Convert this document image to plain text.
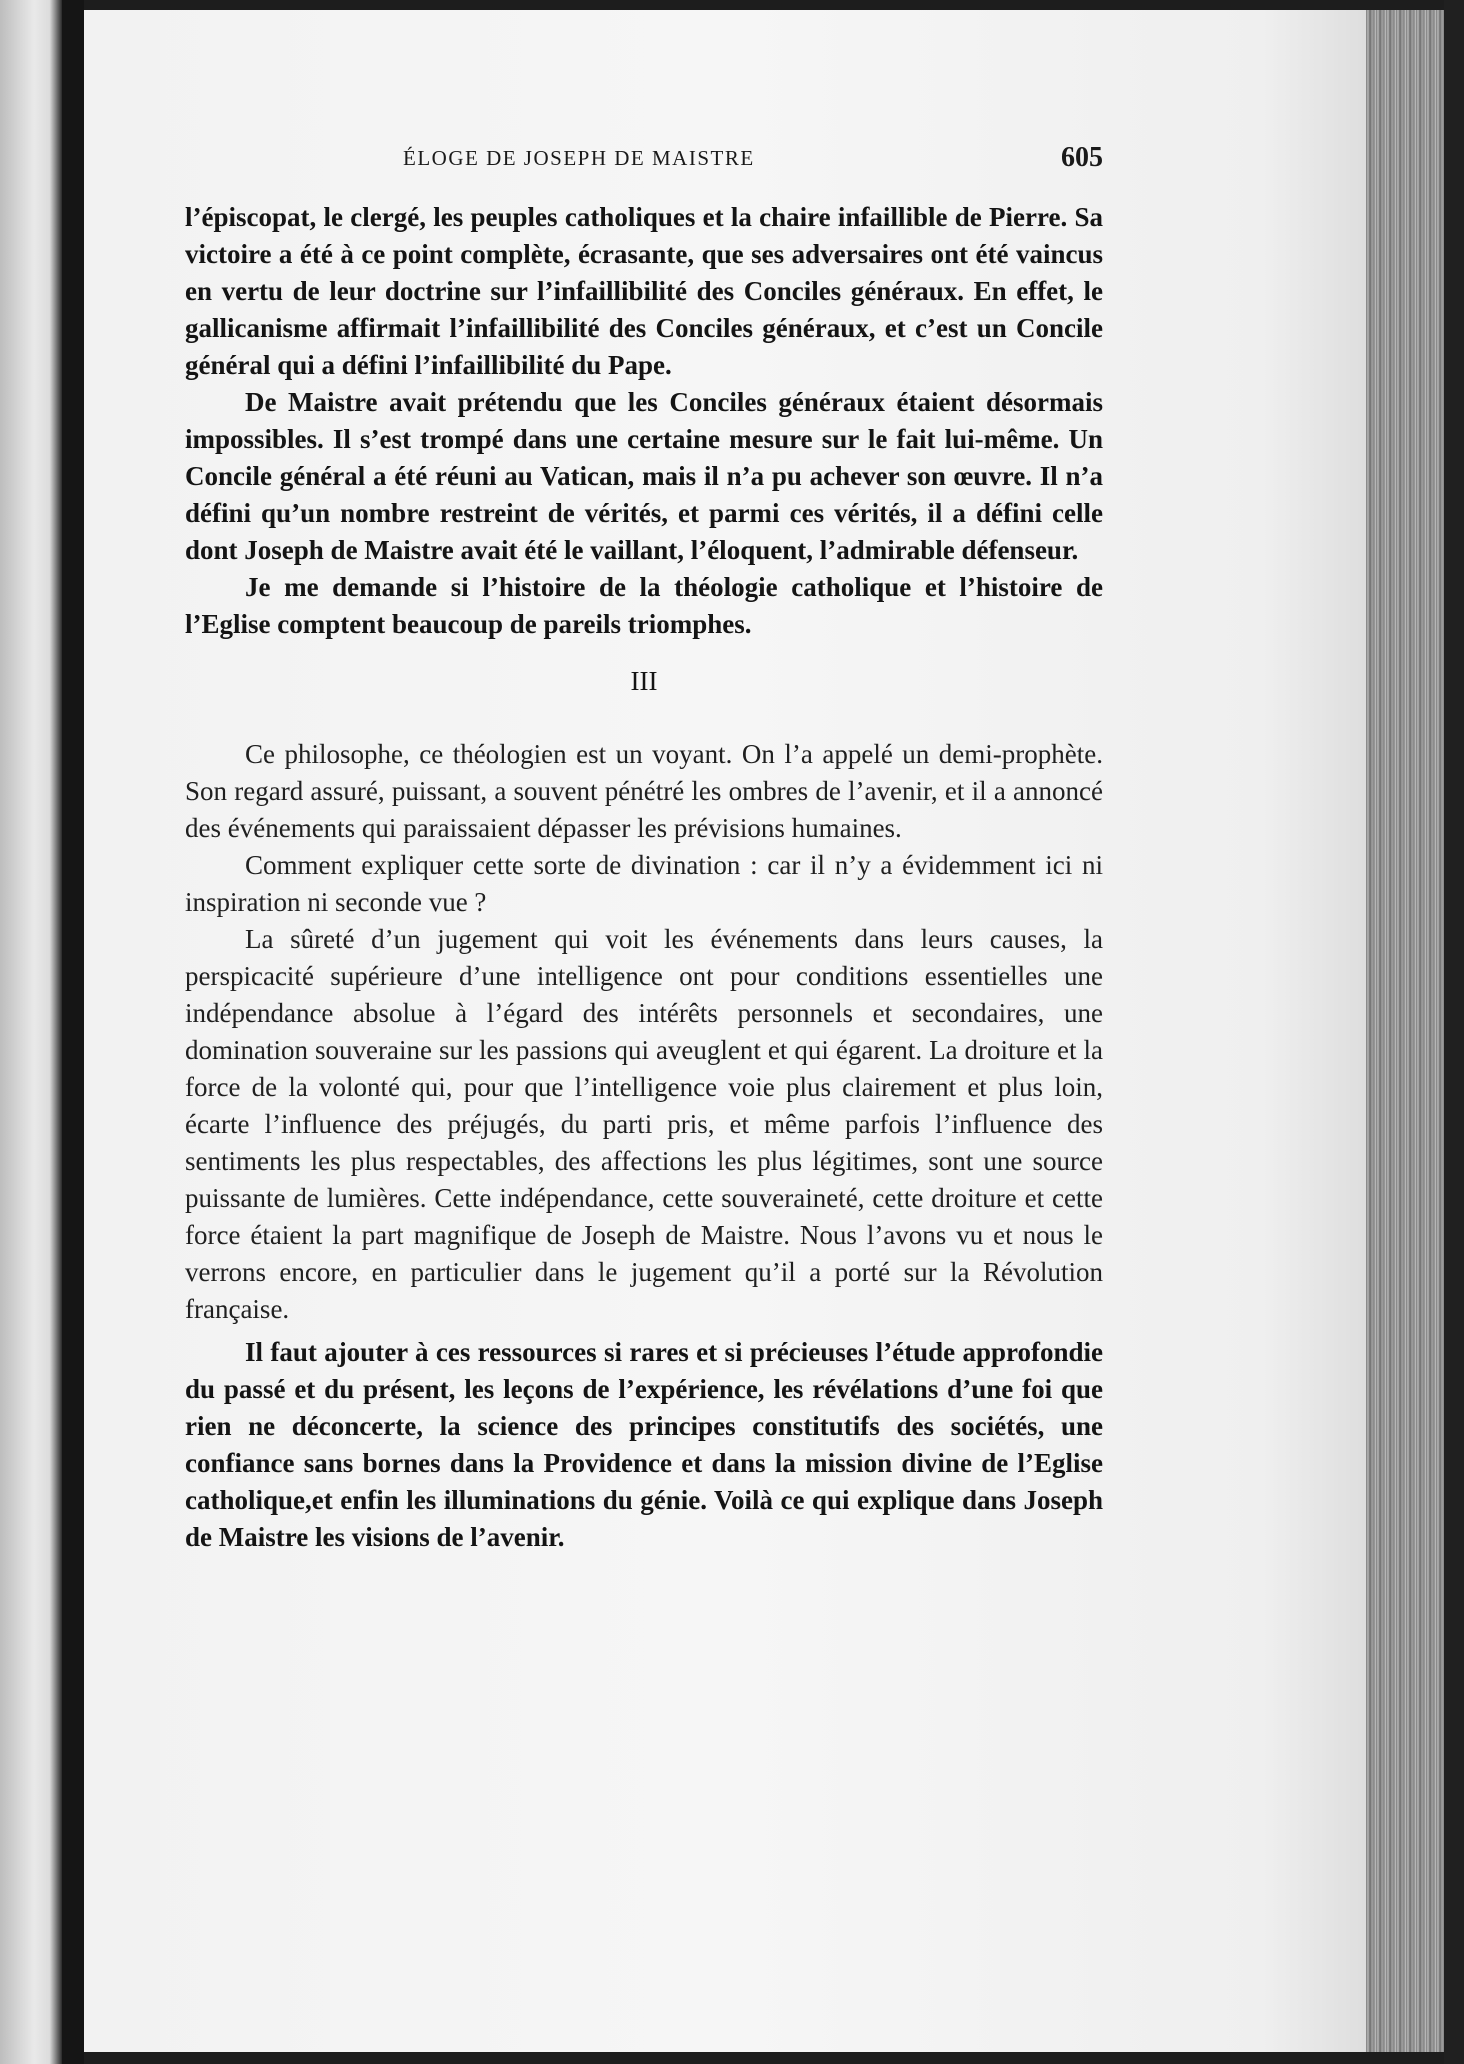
ÉLOGE DE JOSEPH DE MAISTRE	605

l’épiscopat, le clergé, les peuples catholiques et la chaire infaillible de Pierre. Sa victoire a été à ce point complète, écrasante, que ses adversaires ont été vaincus en vertu de leur doctrine sur l’infaillibilité des Conciles généraux. En effet, le gallicanisme affirmait l’infaillibilité des Conciles généraux, et c’est un Concile général qui a défini l’infaillibilité du Pape.

De Maistre avait prétendu que les Conciles généraux étaient désormais impossibles. Il s’est trompé dans une certaine mesure sur le fait lui-même. Un Concile général a été réuni au Vatican, mais il n’a pu achever son œuvre. Il n’a défini qu’un nombre restreint de vérités, et parmi ces vérités, il a défini celle dont Joseph de Maistre avait été le vaillant, l’éloquent, l’admirable défenseur.

Je me demande si l’histoire de la théologie catholique et l’histoire de l’Eglise comptent beaucoup de pareils triomphes.

III

Ce philosophe, ce théologien est un voyant. On l’a appelé un demi-prophète. Son regard assuré, puissant, a souvent pénétré les ombres de l’avenir, et il a annoncé des événements qui paraissaient dépasser les prévisions humaines.

Comment expliquer cette sorte de divination : car il n’y a évidemment ici ni inspiration ni seconde vue ?

La sûreté d’un jugement qui voit les événements dans leurs causes, la perspicacité supérieure d’une intelligence ont pour conditions essentielles une indépendance absolue à l’égard des intérêts personnels et secondaires, une domination souveraine sur les passions qui aveuglent et qui égarent. La droiture et la force de la volonté qui, pour que l’intelligence voie plus clairement et plus loin, écarte l’influence des préjugés, du parti pris, et même parfois l’influence des sentiments les plus respectables, des affections les plus légitimes, sont une source puissante de lumières. Cette indépendance, cette souveraineté, cette droiture et cette force étaient la part magnifique de Joseph de Maistre. Nous l’avons vu et nous le verrons encore, en particulier dans le jugement qu’il a porté sur la Révolution française.

Il faut ajouter à ces ressources si rares et si précieuses l’étude approfondie du passé et du présent, les leçons de l’expérience, les révélations d’une foi que rien ne déconcerte, la science des principes constitutifs des sociétés, une confiance sans bornes dans la Providence et dans la mission divine de l’Eglise catholique,et enfin les illuminations du génie. Voilà ce qui explique dans Joseph de Maistre les visions de l’avenir.
